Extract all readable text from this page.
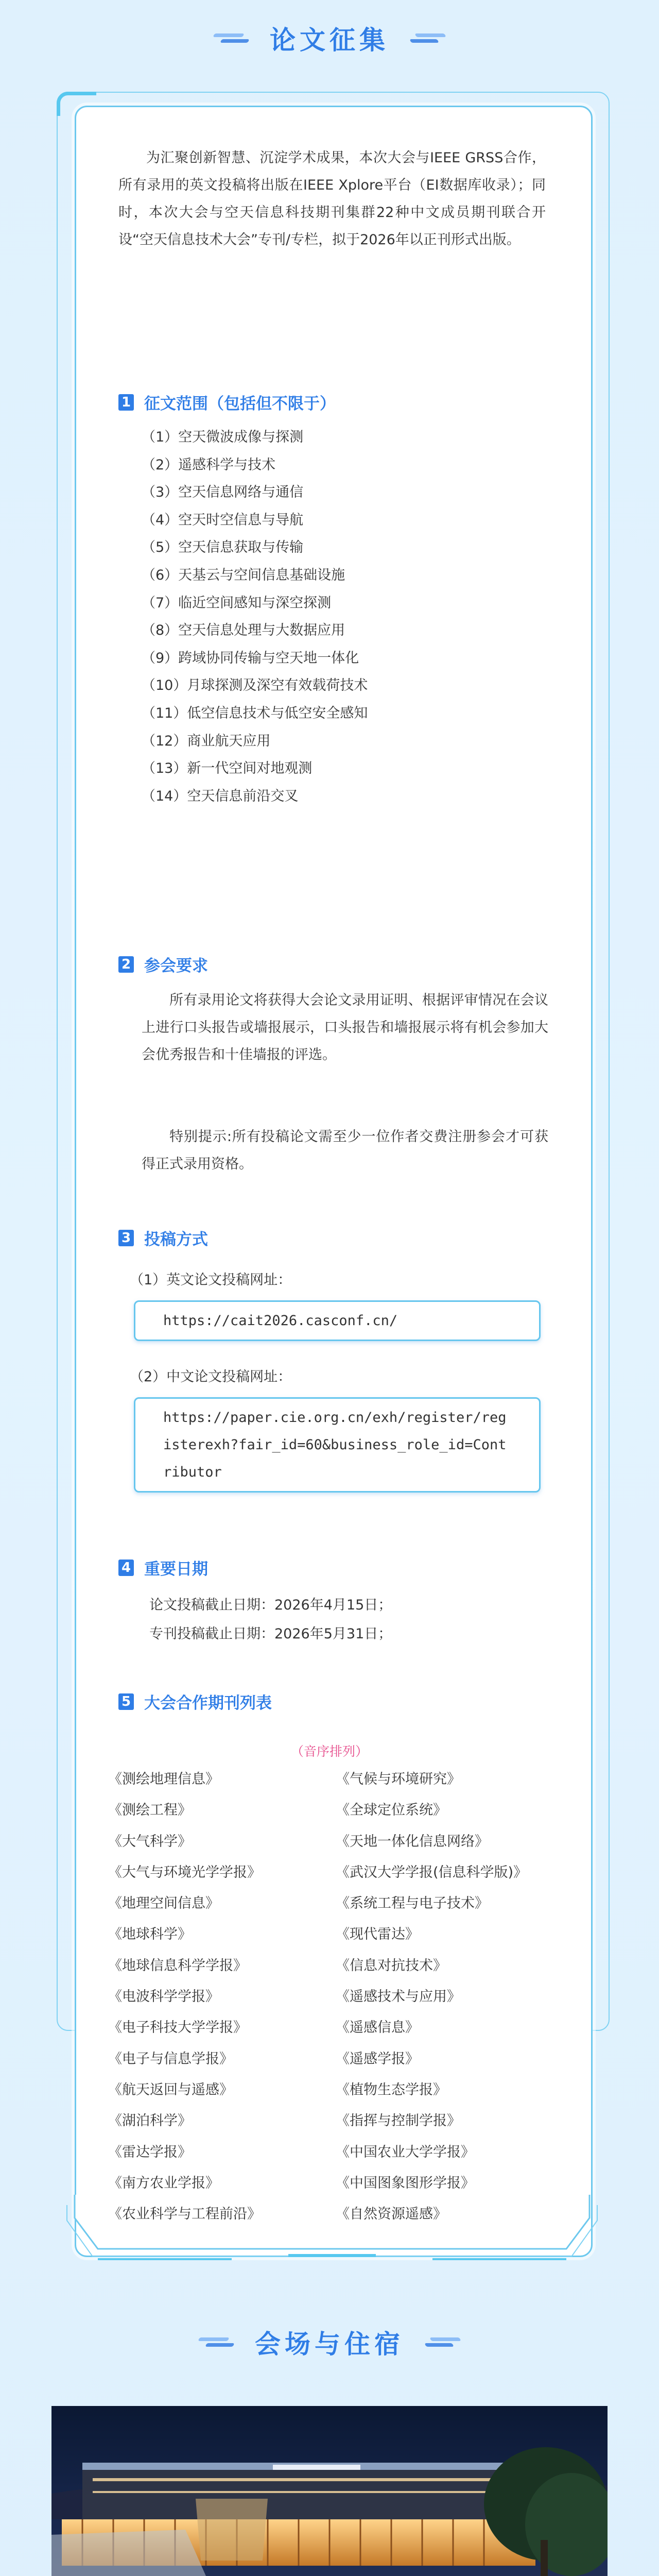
论文征集
为汇聚创新智慧、沉淀学术成果，本次大会与IEEE GRSS合作，所有录用的英文投稿将出版在IEEE Xplore平台（EI数据库收录）；同时，本次大会与空天信息科技期刊集群22种中文成员期刊联合开设“空天信息技术大会”专刊/专栏，拟于2026年以正刊形式出版。
1 征文范围（包括但不限于）
（1）空天微波成像与探测
（2）遥感科学与技术
（3）空天信息网络与通信
（4）空天时空信息与导航
（5）空天信息获取与传输
（6）天基云与空间信息基础设施
（7）临近空间感知与深空探测
（8）空天信息处理与大数据应用
（9）跨域协同传输与空天地一体化
（10）月球探测及深空有效载荷技术
（11）低空信息技术与低空安全感知
（12）商业航天应用
（13）新一代空间对地观测
（14）空天信息前沿交叉
2 参会要求
所有录用论文将获得大会论文录用证明、根据评审情况在会议上进行口头报告或墙报展示，口头报告和墙报展示将有机会参加大会优秀报告和十佳墙报的评选。
特别提示:所有投稿论文需至少一位作者交费注册参会才可获得正式录用资格。
3 投稿方式
（1）英文论文投稿网址：
https://cait2026.casconf.cn/
（2）中文论文投稿网址：
https://paper.cie.org.cn/exh/register/registerexh?fair_id=60&business_role_id=Contributor
4 重要日期
论文投稿截止日期：2026年4月15日；
专刊投稿截止日期：2026年5月31日；
5 大会合作期刊列表
（音序排列）
《测绘地理信息》
《测绘工程》
《大气科学》
《大气与环境光学学报》
《地理空间信息》
《地球科学》
《地球信息科学学报》
《电波科学学报》
《电子科技大学学报》
《电子与信息学报》
《航天返回与遥感》
《湖泊科学》
《雷达学报》
《南方农业学报》
《农业科学与工程前沿》
《气候与环境研究》
《全球定位系统》
《天地一体化信息网络》
《武汉大学学报(信息科学版)》
《系统工程与电子技术》
《现代雷达》
《信息对抗技术》
《遥感技术与应用》
《遥感信息》
《遥感学报》
《植物生态学报》
《指挥与控制学报》
《中国农业大学学报》
《中国图象图形学报》
《自然资源遥感》
会场与住宿
